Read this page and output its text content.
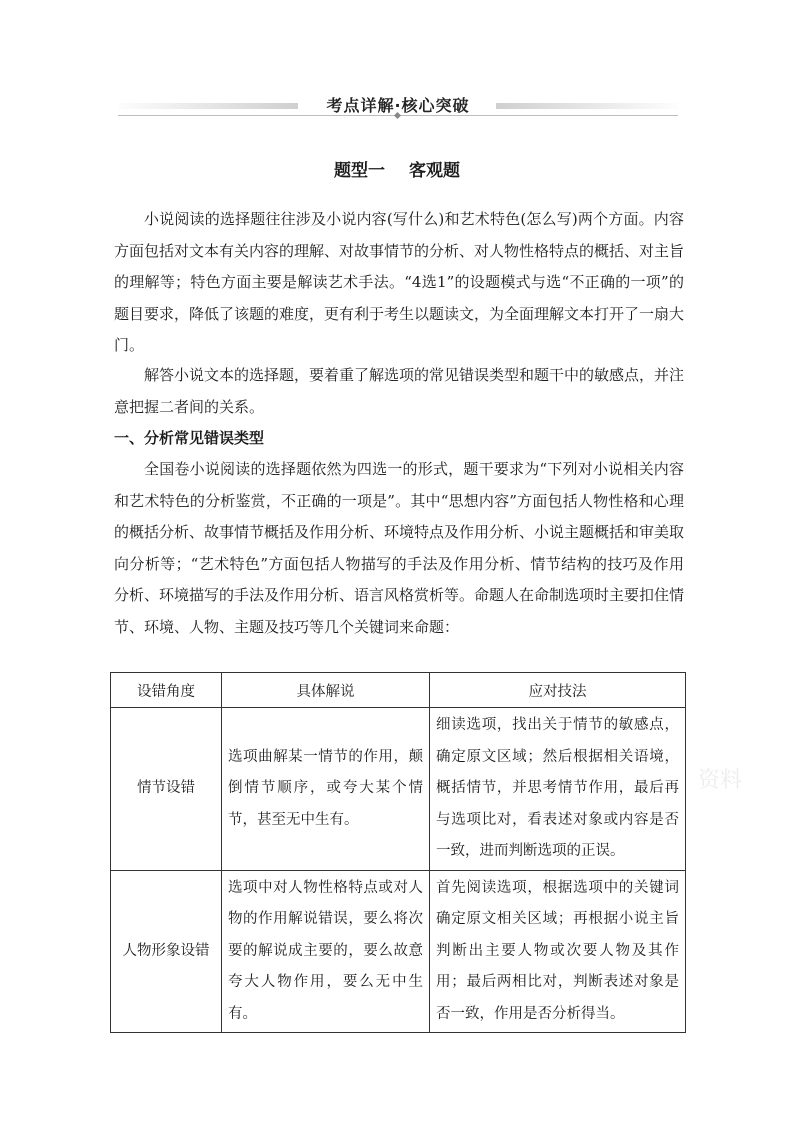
考点详解·核心突破
题型一 客观题

小说阅读的选择题往往涉及小说内容(写什么)和艺术特色(怎么写)两个方面。内容方面包括对文本有关内容的理解、对故事情节的分析、对人物性格特点的概括、对主旨的理解等；特色方面主要是解读艺术手法。“4选1”的设题模式与选“不正确的一项”的题目要求，降低了该题的难度，更有利于考生以题读文，为全面理解文本打开了一扇大门。

解答小说文本的选择题，要着重了解选项的常见错误类型和题干中的敏感点，并注意把握二者间的关系。

一、分析常见错误类型

全国卷小说阅读的选择题依然为四选一的形式，题干要求为“下列对小说相关内容和艺术特色的分析鉴赏，不正确的一项是”。其中“思想内容”方面包括人物性格和心理的概括分析、故事情节概括及作用分析、环境特点及作用分析、小说主题概括和审美取向分析等；“艺术特色”方面包括人物描写的手法及作用分析、情节结构的技巧及作用分析、环境描写的手法及作用分析、语言风格赏析等。命题人在命制选项时主要扣住情节、环境、人物、主题及技巧等几个关键词来命题：

设错角度	具体解说	应对技法
情节设错	选项曲解某一情节的作用，颠倒情节顺序，或夸大某个情节，甚至无中生有。	细读选项，找出关于情节的敏感点，确定原文区域；然后根据相关语境，概括情节，并思考情节作用，最后再与选项比对，看表述对象或内容是否一致，进而判断选项的正误。
人物形象设错	选项中对人物性格特点或对人物的作用解说错误，要么将次要的解说成主要的，要么故意夸大人物作用，要么无中生有。	首先阅读选项，根据选项中的关键词确定原文相关区域；再根据小说主旨判断出主要人物或次要人物及其作用；最后两相比对，判断表述对象是否一致，作用是否分析得当。
资料
